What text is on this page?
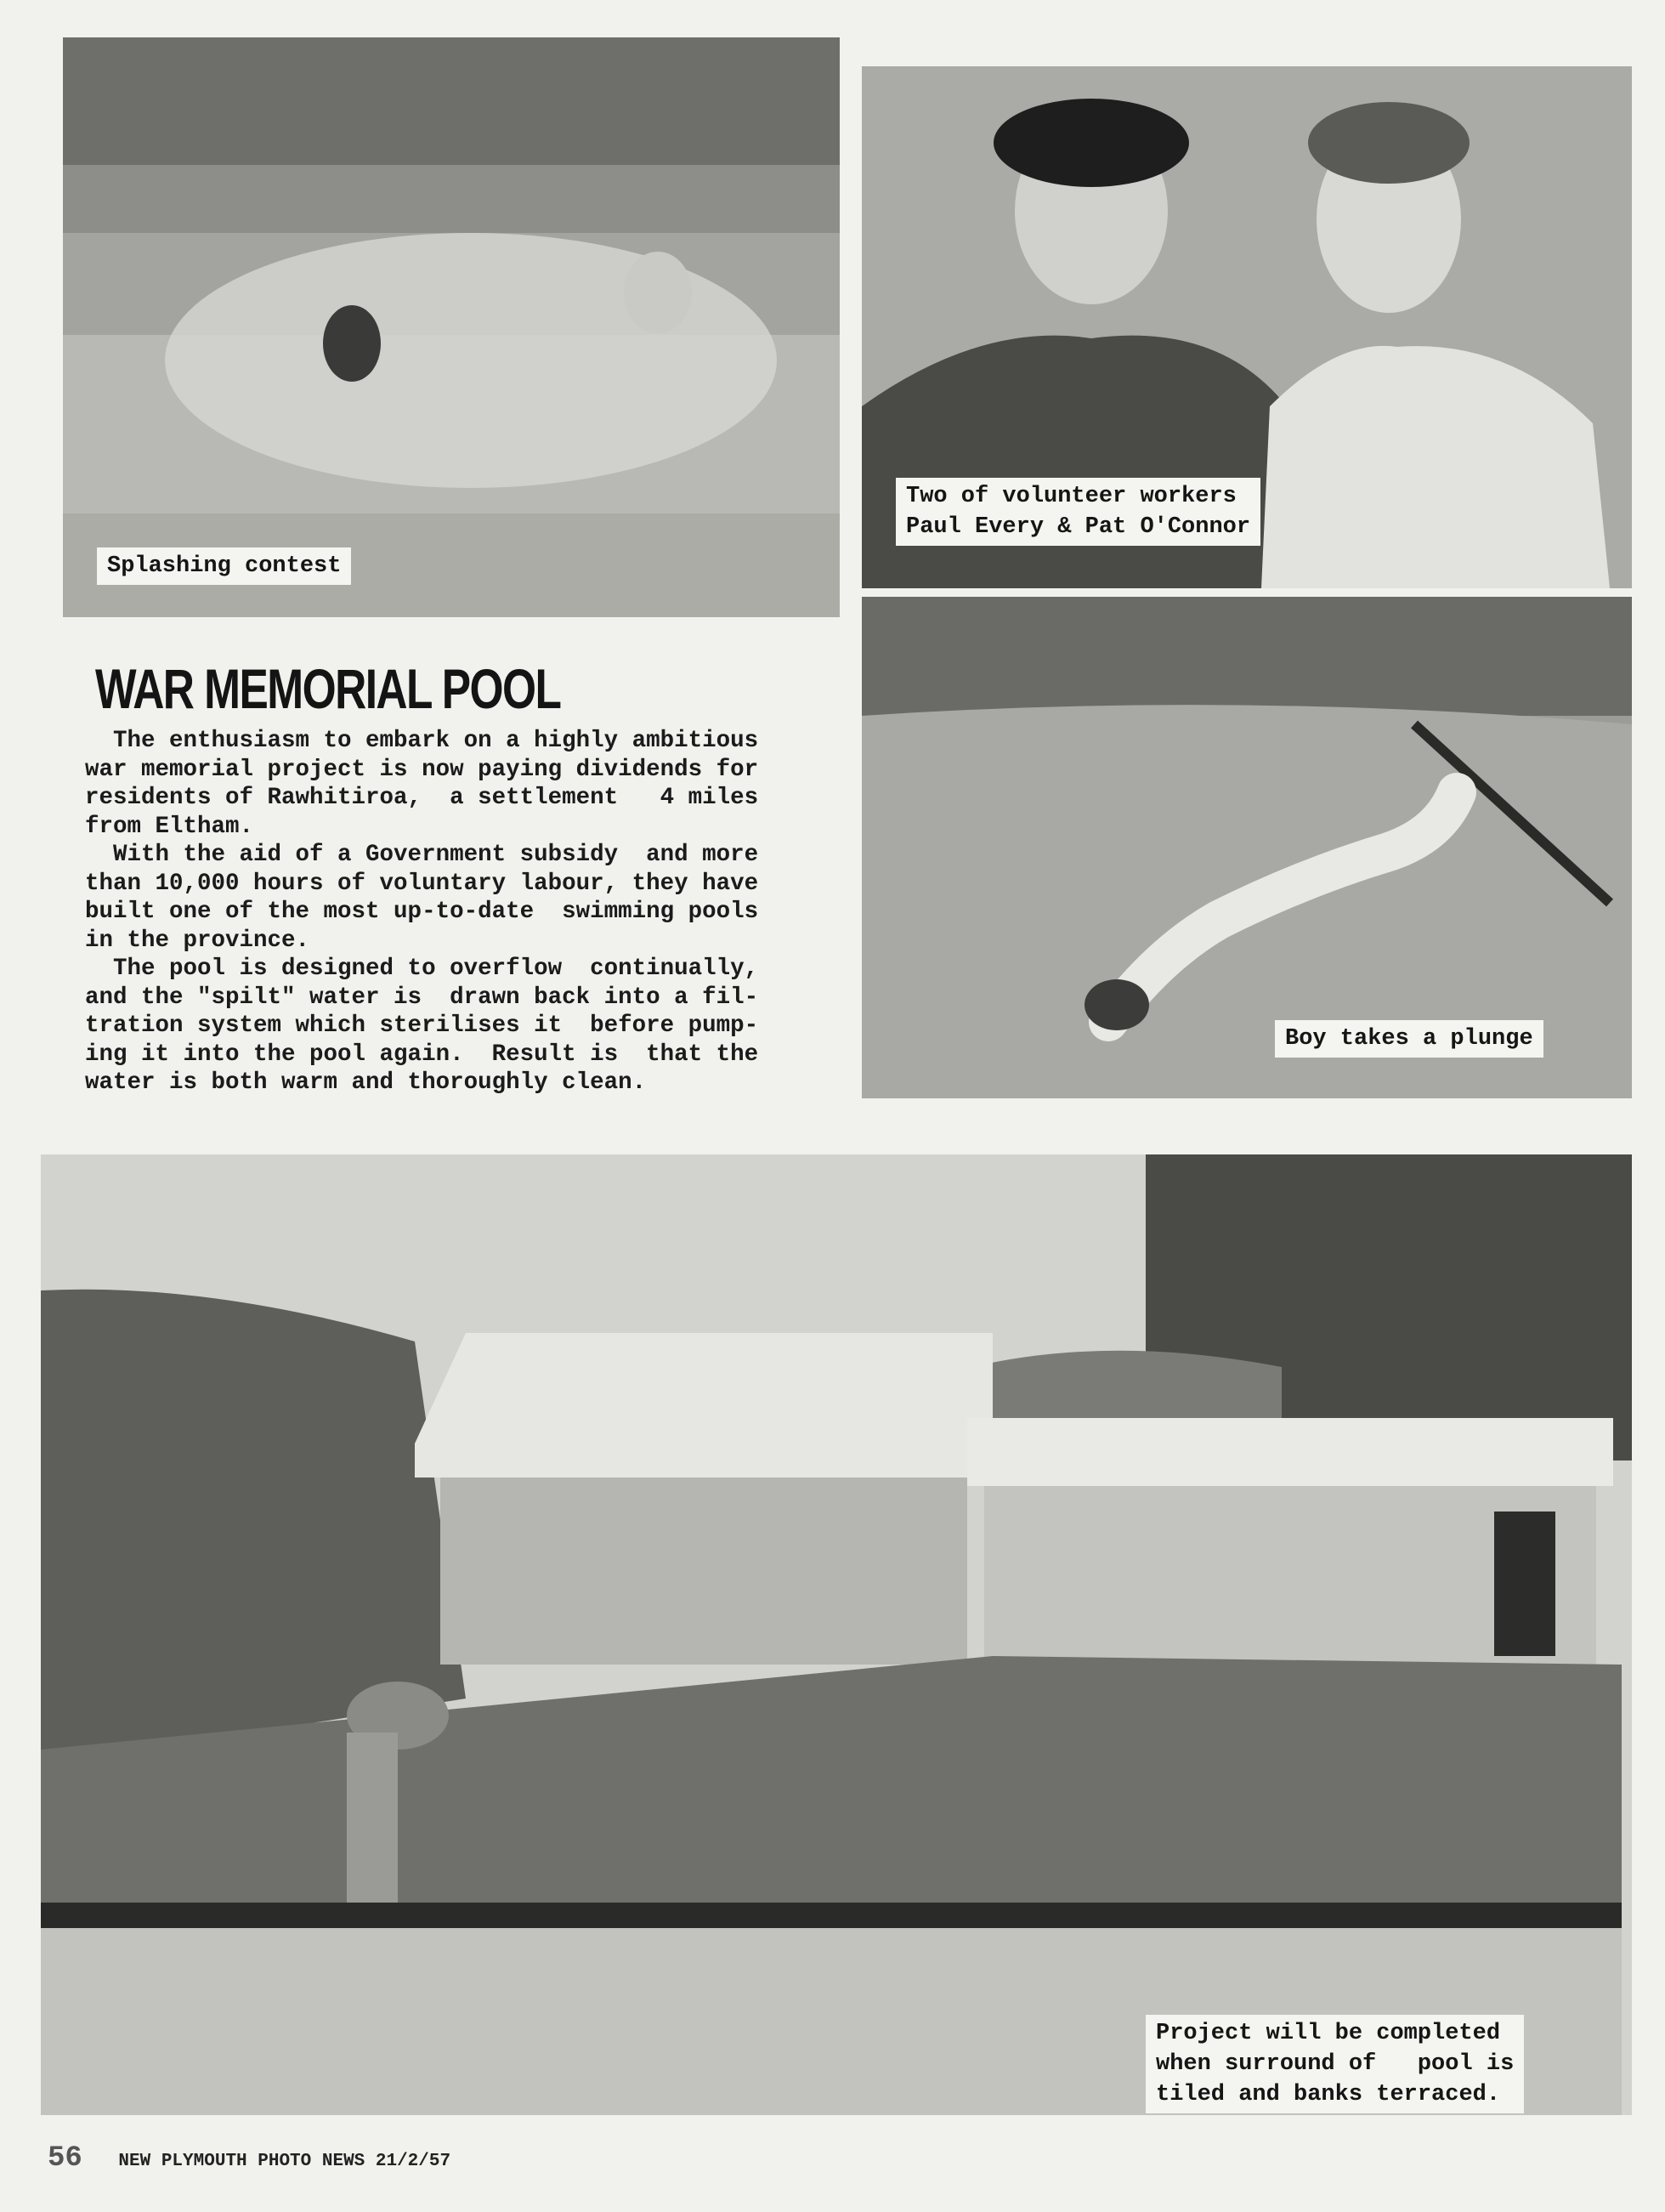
Splashing contest
Two of volunteer workers
Paul Every & Pat O'Connor
WAR MEMORIAL POOL

The enthusiasm to embark on a highly ambitious
war memorial project is now paying dividends for
residents of Rawhitiroa,  a settlement   4 miles
from Eltham.

With the aid of a Government subsidy  and more
than 10,000 hours of voluntary labour, they have
built one of the most up-to-date  swimming pools
in the province.

The pool is designed to overflow  continually,
and the "spilt" water is  drawn back into a fil-
tration system which sterilises it  before pump-
ing it into the pool again.  Result is  that the
water is both warm and thoroughly clean.

Boy takes a plunge
Project will be completed
when surround of   pool is
tiled and banks terraced.
56 NEW PLYMOUTH PHOTO NEWS 21/2/57
